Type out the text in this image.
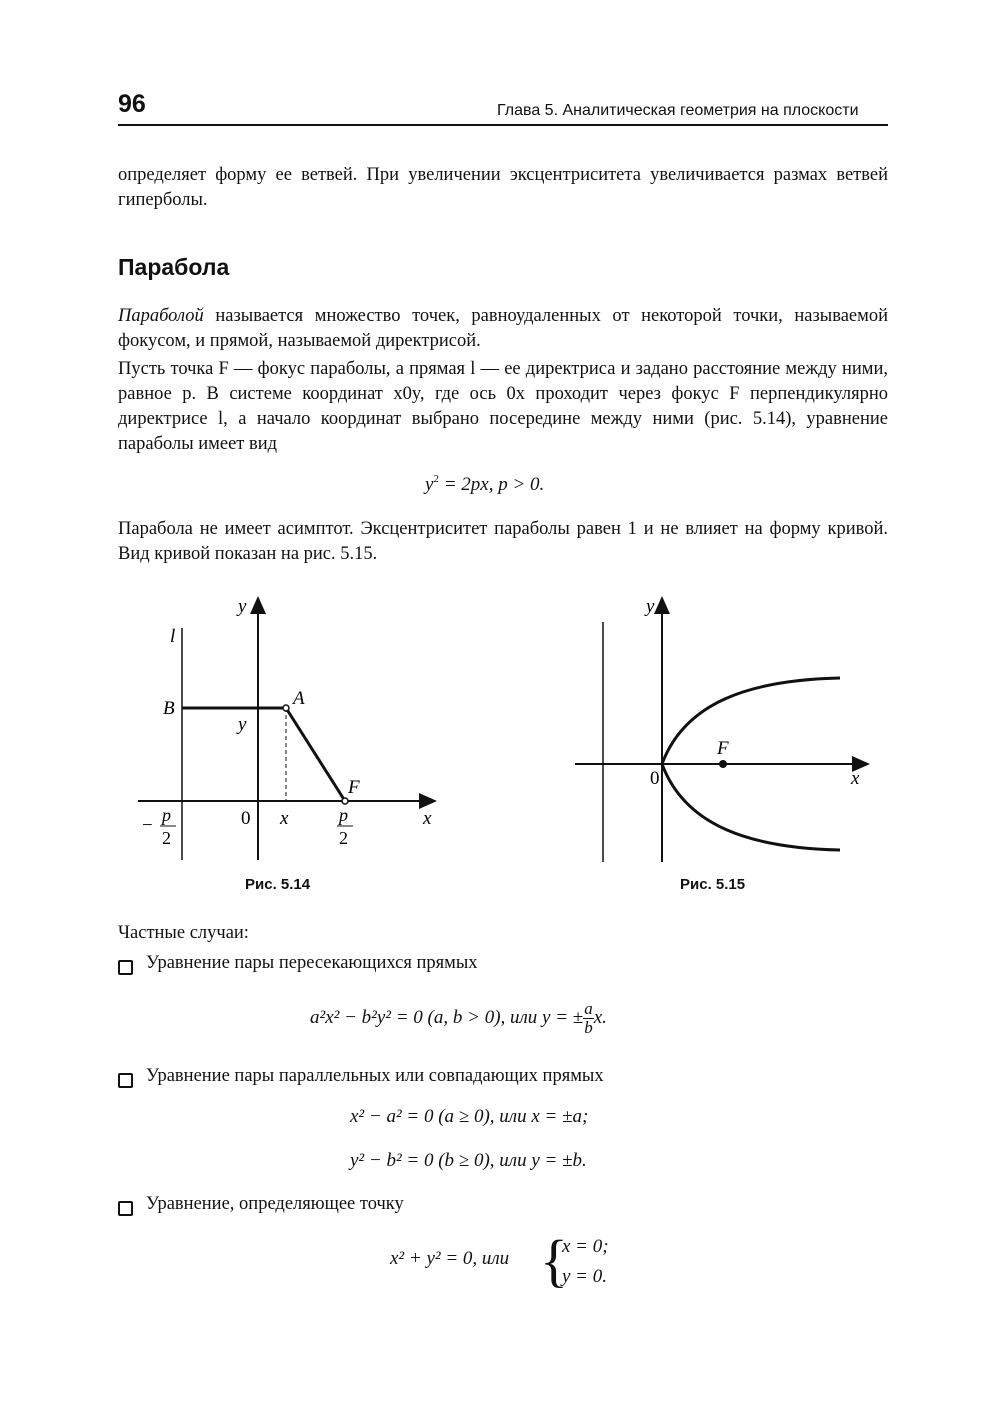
96	Глава 5. Аналитическая геометрия на плоскости
определяет форму ее ветвей. При увеличении эксцентриситета увеличивается размах ветвей гиперболы.
Парабола
Параболой называется множество точек, равноудаленных от некоторой точки, называемой фокусом, и прямой, называемой директрисой.
Пусть точка F — фокус параболы, а прямая l — ее директриса и задано расстояние между ними, равное p. В системе координат x0y, где ось 0x проходит через фокус F перпендикулярно директрисе l, а начало координат выбрано посередине между ними (рис. 5.14), уравнение параболы имеет вид
$y^2 = 2px$, p > 0.
Парабола не имеет асимптот. Эксцентриситет параболы равен 1 и не влияет на форму кривой. Вид кривой показан на рис. 5.15.
y
x
l
B	A
y
F
0 x
− p
2
p
2
Рис. 5.14
y
x
0
F
Рис. 5.15
Частные случаи:
Уравнение пары пересекающихся прямых
a²x² − b²y² = 0 (a, b > 0), или y = ± $\frac{a}{b} x$.
Уравнение пары параллельных или совпадающих прямых
x² − a² = 0 (a ≥ 0), или x = ±a;
y² − b² = 0 (b ≥ 0), или y = ±b.
Уравнение, определяющее точку
x² + y² = 0, или {
x = 0;
y = 0.
